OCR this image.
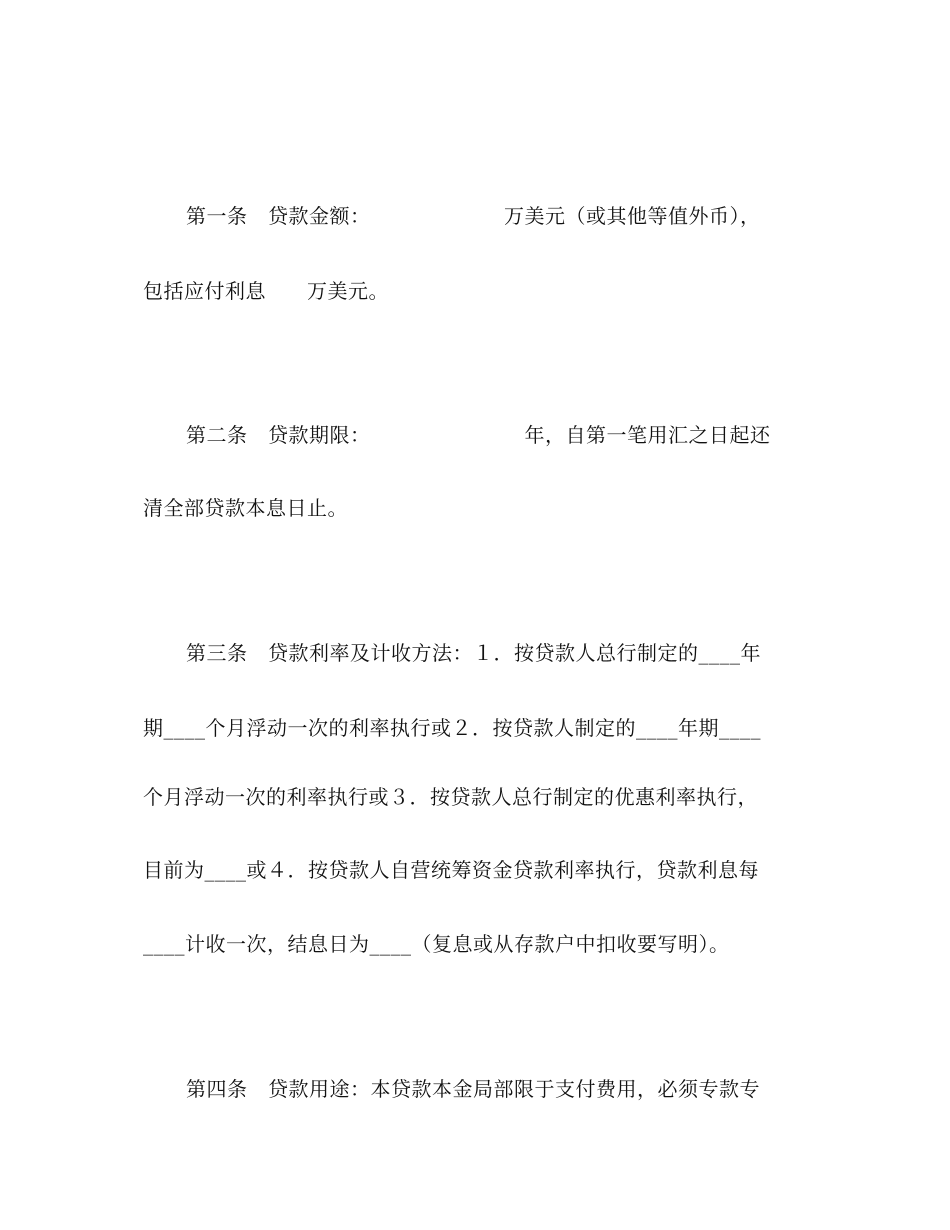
第一条　贷款金额：　　　　　　　万美元（或其他等值外币），
包括应付利息　　万美元。
第二条　贷款期限：　　　　　　　　年，自第一笔用汇之日起还
清全部贷款本息日止。
第三条　贷款利率及计收方法：１．按贷款人总行制定的____年
期____个月浮动一次的利率执行或２．按贷款人制定的____年期____
个月浮动一次的利率执行或３．按贷款人总行制定的优惠利率执行，
目前为____或４．按贷款人自营统筹资金贷款利率执行，贷款利息每
____计收一次，结息日为____（复息或从存款户中扣收要写明）。
第四条　贷款用途：本贷款本金局部限于支付费用，必须专款专
